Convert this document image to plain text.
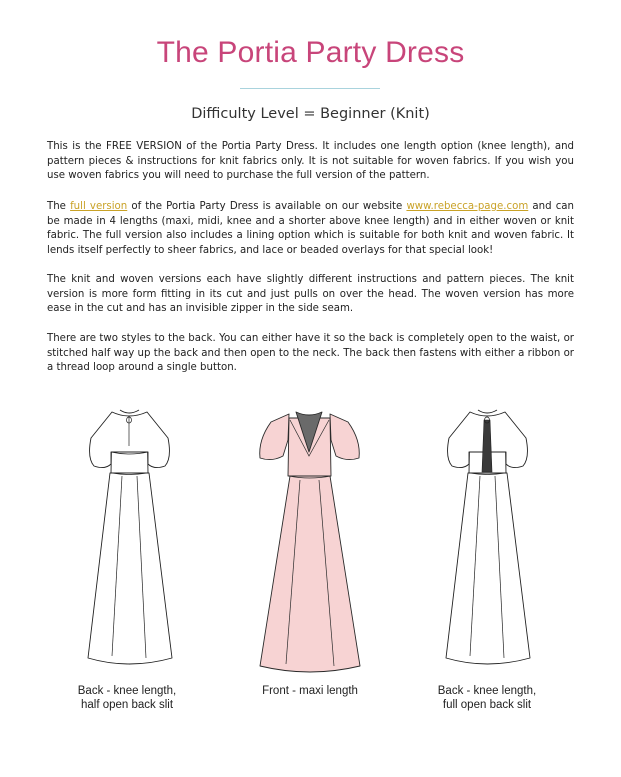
The Portia Party Dress
Difficulty Level = Beginner (Knit)

This is the FREE VERSION of the Portia Party Dress. It includes one length option (knee length), and pattern pieces & instructions for knit fabrics only. It is not suitable for woven fabrics. If you wish you use woven fabrics you will need to purchase the full version of the pattern.

The full version of the Portia Party Dress is available on our website www.rebecca-page.com and can be made in 4 lengths (maxi, midi, knee and a shorter above knee length) and in either woven or knit fabric. The full version also includes a lining option which is suitable for both knit and woven fabric. It lends itself perfectly to sheer fabrics, and lace or beaded overlays for that special look!

The knit and woven versions each have slightly different instructions and pattern pieces. The knit version is more form fitting in its cut and just pulls on over the head. The woven version has more ease in the cut and has an invisible zipper in the side seam.

There are two styles to the back. You can either have it so the back is completely open to the waist, or stitched half way up the back and then open to the neck. The back then fastens with either a ribbon or a thread loop around a single button.

Back - knee length,
half open back slit
Front - maxi length	Back - knee length,
full open back slit
